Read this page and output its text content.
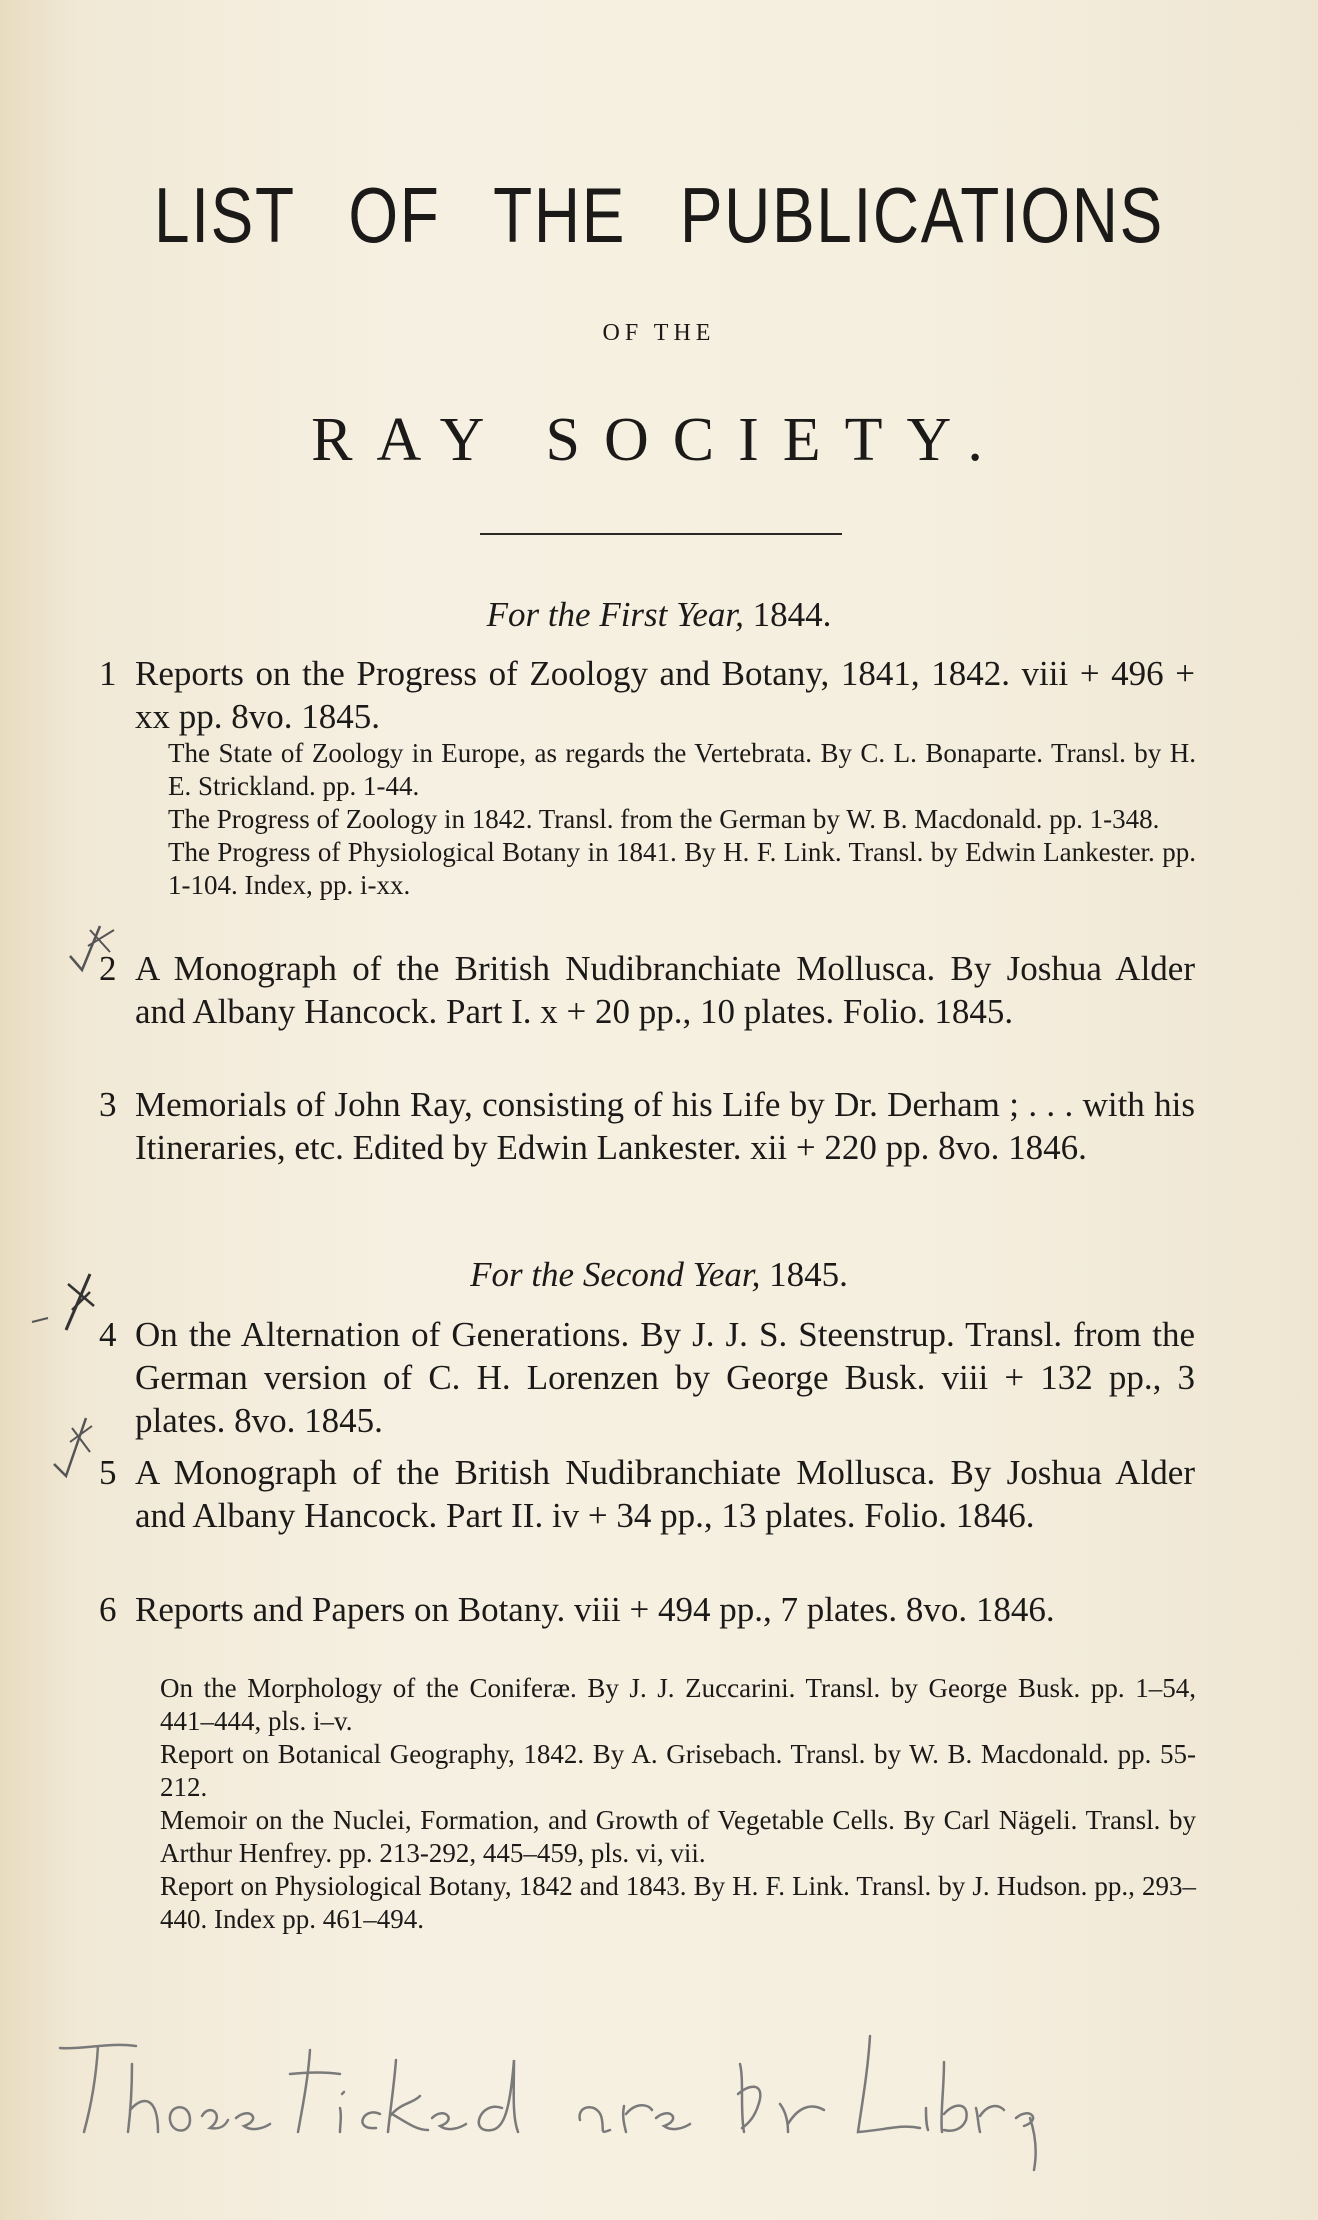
LIST OF THE PUBLICATIONS
OF THE
RAY SOCIETY.
For the First Year, 1844.
1 Reports on the Progress of Zoology and Botany, 1841, 1842. viii + 496 + xx pp. 8vo. 1845.
The State of Zoology in Europe, as regards the Vertebrata. By C. L. Bonaparte. Transl. by H. E. Strickland. pp. 1-44.
The Progress of Zoology in 1842. Transl. from the German by W. B. Macdonald. pp. 1-348.
The Progress of Physiological Botany in 1841. By H. F. Link. Transl. by Edwin Lankester. pp. 1-104. Index, pp. i-xx.
2 A Monograph of the British Nudibranchiate Mollusca. By Joshua Alder and Albany Hancock. Part I. x + 20 pp., 10 plates. Folio. 1845.
3 Memorials of John Ray, consisting of his Life by Dr. Derham ; . . . with his Itineraries, etc. Edited by Edwin Lankester. xii + 220 pp. 8vo. 1846.
For the Second Year, 1845.
4 On the Alternation of Generations. By J. J. S. Steenstrup. Transl. from the German version of C. H. Lorenzen by George Busk. viii + 132 pp., 3 plates. 8vo. 1845.
5 A Monograph of the British Nudibranchiate Mollusca. By Joshua Alder and Albany Hancock. Part II. iv + 34 pp., 13 plates. Folio. 1846.
6 Reports and Papers on Botany. viii + 494 pp., 7 plates. 8vo. 1846.
On the Morphology of the Coniferæ. By J. J. Zuccarini. Transl. by George Busk. pp. 1–54, 441–444, pls. i–v.
Report on Botanical Geography, 1842. By A. Grisebach. Transl. by W. B. Macdonald. pp. 55-212.
Memoir on the Nuclei, Formation, and Growth of Vegetable Cells. By Carl Nägeli. Transl. by Arthur Henfrey. pp. 213-292, 445–459, pls. vi, vii.
Report on Physiological Botany, 1842 and 1843. By H. F. Link. Transl. by J. Hudson. pp., 293–440. Index pp. 461–494.
Those ticked are in Library
